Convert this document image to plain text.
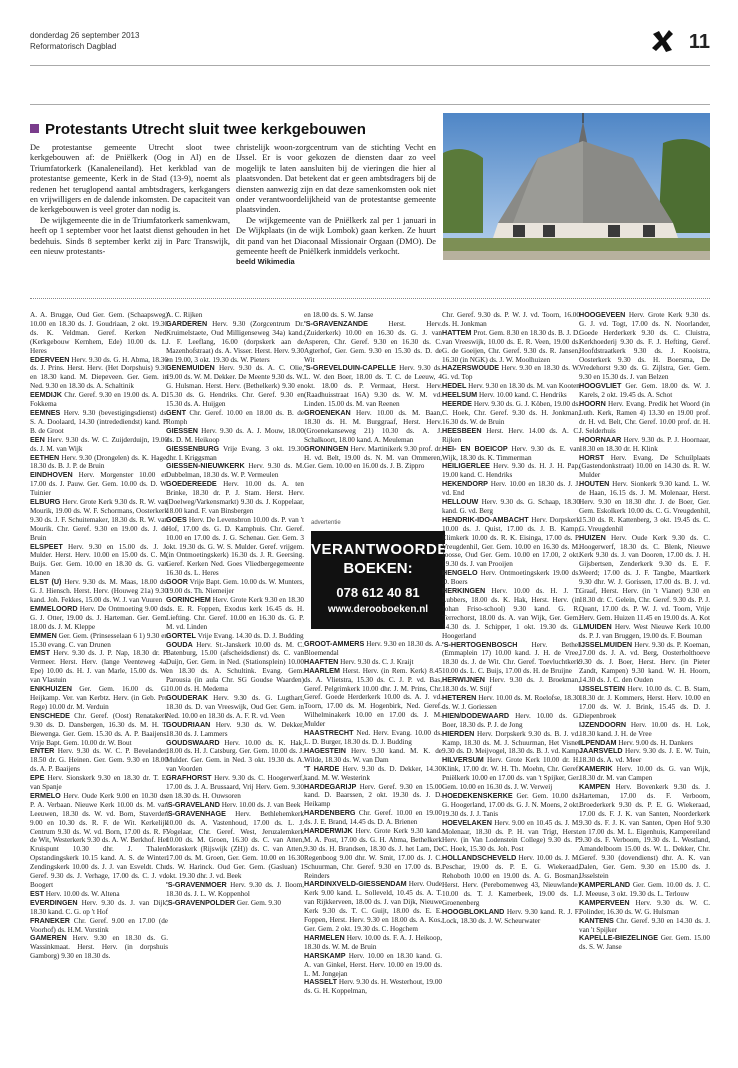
donderdag 26 september 2013
Reformatorisch Dagblad	11
Protestants Utrecht sluit twee kerkgebouwen

De protestantse gemeente Utrecht sloot twee kerkgebouwen af: de Pniëlkerk (Oog in Al) en de Triumfatorkerk (Kanaleneiland). Het kerkblad van de protestantse gemeente, Kerk in de Stad (13-9), noemt als redenen het teruglopend aantal ambtsdragers, kerkgangers en vrijwilligers en de dalende inkomsten. De capaciteit van de kerkgebouwen is veel groter dan nodig is.

De wijkgemeente die in de Triumfatorkerk samenkwam, heeft op 1 september voor het laatst dienst gehouden in het bedehuis. Sinds 8 september kerkt zij in Parc Transwijk, een nieuw protestants-

christelijk woon-zorgcentrum van de stichting Vecht en IJssel. Er is voor gekozen de diensten daar zo veel mogelijk te laten aansluiten bij de vieringen die hier al plaatsvonden. Dat betekent dat er geen ambtsdragers bij de diensten aanwezig zijn en dat deze samenkomsten ook niet onder verantwoordelijkheid van de protestantse gemeente plaatsvinden.

De wijkgemeente van de Pniëlkerk zal per 1 januari in De Wijkplaats (in de wijk Lombok) gaan kerken. Ze huurt dit pand van het Diaconaal Missionair Orgaan (DMO). De gemeente heeft de Pniëlkerk inmiddels verkocht.

beeld Wikimedia
advertentie
VERANTWOORDE
BOEKEN:
078 612 40 81
www.derooboeken.nl

A. A. Brugge, Oud Ger. Gem. (Schaapsweg) 10.00 en 18.30 ds. J. Goudriaan, 2 okt. 19.30 ds. K. Veldman. Geref. Kerken Ned. (Kerkgebouw Kernhem, Ede) 10.00 ds. L. Heres

EDERVEEN Herv. 9.30 ds. G. H. Abma, 18.30 ds. J. Prins. Herst. Herv. (Het Dorpshuis) 9.30 en 18.30 kand. M. Diepeveen. Ger. Gem. in Ned. 9.30 en 18.30 ds. A. Schaltinik

EEMDIJK Chr. Geref. 9.30 en 19.00 ds. A. D. Fokkema

EEMNES Herv. 9.30 (bevestigingsdienst) ds. S. A. Doolaard, 14.30 (intredediendst) kand. P. B. de Groot

EEN Herv. 9.30 ds. W. C. Zuijderduijn, 19.00 ds. J. M. van Wijk

EETHEN Herv. 9.30 (Drongelen) ds. K. Hage, 18.30 ds. B. J. P. de Bruin

EINDHOVEN Herv. Morgenster 10.00 en 17.00 ds. J. Pauw. Ger. Gem. 10.00 ds. D. W. Tuinier

ELBURG Herv. Grote Kerk 9.30 ds. R. W. van Mourik, 19.00 ds. W. F. Schormans, Oosterkerk 9.30 ds. J. F. Schuitemaker, 18.30 ds. R. W. van Mourik. Chr. Geref. 9.30 en 19.00 ds. J. de Bruin

ELSPEET Herv. 9.30 en 15.00 ds. J. J. Mulder. Herst. Herv. 10.00 en 15.00 ds. C. M. Buijs. Ger. Gem. 10.00 en 18.30 ds. G. van Manen

ELST (U) Herv. 9.30 ds. M. Maas, 18.00 ds. G. J. Hiensch. Herst. Herv. (Houweg 21a) 9.30 kand. Joh. Fekkes, 15.00 ds. W. J. van Vuuren

EMMELOORD Herv. De Ontmoeting 9.00 ds. G. J. Otter, 19.00 ds. J. Harteman. Ger. Gem. 18.00 ds. J. M. Kleppe

EMMEN Ger. Gem. (Prinsesselaan 6 1) 9.30 en 15.30 evang. C. van Drunen

EMST Herv. 9.30 ds. J. P. Nap, 18.30 dr. P. Vermeer. Herst. Herv. (lange Veenteweg 4a, Epe) 10.00 ds. H. J. van Marle, 15.00 ds. W. van Vlastuin

ENKHUIZEN Ger. Gem. 16.00 ds. G. Heijkamp. Ver. van Kerbtz. Herv. (in Geb. Pro Rege) 10.00 dr. M. Verduin

ENSCHEDE Chr. Geref. (Oost) Renatakerk 9.30 ds. D. Dansbergen, 16.30 ds. M. H. T. Biewenga. Ger. Gem. 15.30 ds. A. P. Baaijens. Vrije Bapt. Gem. 10.00 dr. W. Bout

ENTER Herv. 9.30 ds. W. C. P. Bevelander, 18.50 dr. G. Heinen. Ger. Gem. 9.30 en 18.00 ds. A. P. Baaijens

EPE Herv. Sionskerk 9.30 en 18.30 dr. T. E. van Spanje

ERMELO Herv. Oude Kerk 9.00 en 10.30 ds. P. A. Verbaan. Nieuwe Kerk 10.00 ds. M. van Leeuwen, 18.30 ds. W. vd. Born, Staverden 9.00 en 10.30 ds. R. F. de Wit. Kerkelijk Centrum 9.30 ds. W. vd. Born, 17.00 ds. R. F. de Wit, Westerkerk 9.30 ds. A. W. Berkhof. Het Kruispunt 10.30 dhr. J. Thalen. Opstandingskerk 10.15 kand. A. S. de Winter. Zendingskerk 10.00 ds. J. J. van Esveldt. Chr. Geref. 9.30 ds. J. Verhage, 17.00 ds. C. J. vd. Boogert

EST Herv. 10.00 ds. W. Altena

EVERDINGEN Herv. 9.30 ds. J. van Dijk, 18.30 kand. C. G. op 't Hof

FRANEKER Chr. Geref. 9.00 en 17.00 (de Voorhof) ds. H.M. Vorstink

GAMEREN Herv. 9.30 en 18.30 ds. G. Wassinkmaat. Herst. Herv. (in dorpshuis Gamborg) 9.30 en 18.30 ds.

A. C. Rijken

GARDEREN Herv. 9.30 (Zorgcentrum Dr. Kruimelstaete, Oud Milligenseweg 34a) kand. J. F. Leeflang, 16.00 (dorpskerk aan de Mazenhofstraat) ds. A. Visser. Herst. Herv. 9.30 en 19.00, 3 okt. 19.30 ds. W. Pieters

GENEMUIDEN Herv. 9.30 ds. A. C. Olie, 19.00 ds. W. M. Dekker. De Meente 9.30 ds. W. G. Hulsman. Herst. Herv. (Bethelkerk) 9.30 en 15.30 ds. G. Hendriks. Chr. Geref. 9.30 en 15.30 ds. A. Huijgen

GENT Chr. Geref. 10.00 en 18.00 ds. B. de Romph

GIESSEN Herv. 9.30 ds. A. J. Mouw, 18.00 ds. D. M. Heikoop

GIESSENBURG Vrije Evang. 3 okt. 19.30 dhr. I. Kriggsman

GIESSEN-NIEUWKERK Herv. 9.30 ds. M. Dubbelman, 18.30 ds. W. P. Vermeulen

GOEDEREEDE Herv. 10.00 ds. A. ten Brinke, 18.30 dr. P. J. Stam. Herst. Herv. (Doelweg/Varkensmarkt) 9.30 ds. J. Koppelaar, 18.00 kand. F. van Binsbergen

GOES Herv. De Levensbron 10.00 ds. P. van 't Hof, 17.00 ds. G. D. Kamphuis. Chr. Geref. 10.00 en 17.00 ds. J. G. Schenau. Ger. Gem. 3 okt. 19.30 ds. G. W. S. Mulder. Geref. vrijgem. (in Ontmoetingskerk) 16.30 ds. J. R. Geersing. Geref. Kerken Ned. Goes Vliedbergegemeente 16.30 ds. L. Heres

GOOR Vrije Bapt. Gem. 10.00 ds. W. Munters, 19.00 ds. Th. Niemeijer

GORINCHEM Herv. Grote Kerk 9.30 en 18.30 ds. E. R. Foppen, Exodus kerk 16.45 ds. H. Liefting. Chr. Geref. 10.00 en 16.30 ds. G. P. M. vd. Linden

GORTEL Vrije Evang. 14.30 ds. D. J. Budding

GOUDA Herv. St.-Janskerk 10.00 ds. M. C. Batenburg, 15.00 (afscheidsdienst) ds. C. van Duijn, Ger. Gem. in Ned. (Stationsplein) 10.00 en 18.30 ds. A. Schultink. Evang. Gem. Parousia (in aula Chr. SG Goudse Waarden) 10.00 ds. H. Medema

GOUDERAK Herv. 9.30 ds. G. Lugthart, 18.30 ds. D. van Vreeswijk, Oud Ger. Gem. in Ned. 10.00 en 18.30 ds. A. F. R. vd. Veen

GOUDRIAAN Herv. 9.30 ds. W. Dekker, 18.30 ds. J. Lammers

GOUDSWAARD Herv. 10.00 ds. K. Hak, 18.00 ds. H. J. Catsburg. Ger. Gem. 10.00 ds. J. Mulder. Ger. Gem. in Ned. 3 okt. 19.30 ds. A. van Voorden

GRAFHORST Herv. 9.30 ds. C. Hoogerwerf, 17.00 ds. J. A. Brussaard, Vrij Herv. Gem. 9.30 en 18.30 ds. H. Ouwsoren

'S-GRAVELAND Herv. 10.00 ds. J. van Beek

'S-GRAVENHAGE Herv. Bethlehemkerk 10.00 ds. A. Vastenhoud, 17.00 ds. L. J. Vogelaar, Chr. Geref. West, Jeruzalemkerk 10.00 ds. M. Groen, 16.30 ds. C. van Atten, Moraskerk (Rijswijk (ZH)) ds. C. van Atten, 17.00 ds. M. Groen, Ger. Gem. 10.00 en 16.30 ds. W. Harinck. Oud Ger. Gem. (Gasluan) 1 okt. 19.30 dhr. J. vd. Beek

'S-GRAVENMOER Herv. 9.30 ds. J. Iloom, 18.30 ds. J. L. W. Koppenhol

'S-GRAVENPOLDER Ger. Gem. 9.30

en 18.00 ds. S. W. Janse

'S-GRAVENZANDE	Herst. Herv. (Zuiderkerk) 10.00 en 16.30 ds. G. J. van Asperen, Chr. Geref. 9.30 en 16.30 ds. C. Agterhof, Ger. Gem. 9.30 en 15.30 ds. D. de Wit

'S-GREVELDUIN-CAPELLE Herv. 9.30 ds. L. W. den Boer, 18.00 ds. T. C. de Leeuw, 4 okt. 18.00 ds. P. Vermaat, Herst. Herv. (Raadhuisstraat 16A) 9.30 ds. W. M. vd. Linden. 15.00 ds. M. van Reenen

GROENEKAN Herv. 10.00 ds. M. Baan, 18.30 ds. H. M. Burggraaf, Herst. Herv. (Groenekanseweg 21) 10.30 ds. A. J. Schalkoort, 18.00 kand. A. Meuleman

GRONINGEN Herv. Martinikerk 9.30 prof. dr. H. vd. Belt, 19.00 ds. N. M. van Ommeren, Ger. Gem. 10.00 en 16.00 ds. J. B. Zippro

GROOT-AMMERS Herv. 9.30 en 18.30 ds. A. Bloemendal

HAAFTEN Herv. 9.30 ds. C. J. Kraijt

HAARLEM Herst. Herv. (in Rem. Kerk) 8.45 ds. A. Vlietstra, 15.30 ds. C. J. P. vd. Bas, Geref. Pelgrimkerk 10.00 dhr. J. M. Prins, Chr. Geref. Goede Herderkerk 10.00 ds. A. J. vd. Toorn, 17.00 ds. M. Hogenbirk, Ned. Geref. Wilhelminakerk 10.00 en 17.00 ds. J. M. Mulder

HAASTRECHT Ned. Herv. Evang. 10.00 ds. L. D. Burger, 18.30 ds. D. J. Budding

HAGESTEIN Herv. 9.30 kand. M. K. de Wilde, 18.30 ds. W. van Dam

'T HARDE Herv. 9.30 ds. D. Dekker, 14.30 kand. M. W. Westerink

HARDEGARIJP Herv. Geref. 9.30 en 15.00 kand. D. Baarssen, 2 okt. 19.30 ds. J. D. Heikamp

HARDENBERG Chr. Geref. 10.00 en 19.00 ds. J. E. Brand, 14.45 ds. D. A. Brienen

HARDERWIJK Herv. Grote Kerk 9.30 kand. M. A. Post, 17.00 ds. G. H. Abma, Bethelkerk 9.30 ds. H. Brandsen, 18.30 ds. J. het Lam, De Regenboog 9.00 dhr. W. Smit, 17.00 ds. J. C. Schuurman, Chr. Geref. 9.30 en 17.00 ds. B. Reinders

HARDINXVELD-GIESSENDAM Herv. Oude Kerk 9.00 kand. L. Solleveld, 10.45 ds. A. T. van Rijkkerveen, 18.00 ds. J. van Dijk, Nieuwe Kerk 9.30 ds. T. C. Guijt, 18.00 ds. E. E. Foppen, Herst. Herv. 9.30 en 18.00 ds. A. Kos, Ger. Gem. 2 okt. 19.30 ds. C. Hogchem

HARMELEN Herv. 10.00 ds. F. A. J. Heikoop, 18.30 ds. W. M. de Bruin

HARSKAMP Herv. 10.00 en 18.30 kand. G. A. van Ginkel, Herst. Herv. 10.00 en 19.00 ds. L. M. Jongejan

HASSELT Herv. 9.30 ds. H. Westerhout, 19.00 ds. G. H. Koppelman,

Chr. Geref. 9.30 ds. P. W. J. vd. Toorn, 16.00 ds. H. Jonkman

HATTEM Prot. Gem. 8.30 en 18.30 ds. B. J. D. van Vreeswijk, 10.00 ds. E. R. Veen, 19.00 ds. G. de Goeijen, Chr. Geref. 9.30 ds. R. Jansen, 16.30 (in NGK) ds. J. W. Moolhuizen

HAZERSWOUDE Herv. 9.30 en 18.30 ds. W. G. vd. Top

HEDEL Herv. 9.30 en 18.30 ds. M. van Kooten

HEELSUM Herv. 10.00 kand. C. Hendriks

HEERDE Herv. 9.30 ds. G. J. Köben, 19.00 ds. C. Hoek, Chr. Geref. 9.30 ds. H. Jonkman, 16.30 ds. W. de Bruin

HEESBEEN Herst. Herv. 14.00 ds. A. C. Rijken

HEI- EN BOEICOP Herv. 9.30 ds. E. van Wijk, 18.30 ds. K. Timmerman

HEILIGERLEE Herv. 9.30 ds. H. J. H. Pap, 19.00 kand. C. Hendriks

HEKENDORP Herv. 10.00 en 18.30 ds. J. J. vd. End

HELLOUW Herv. 9.30 ds. G. Schaap, 18.30 kand. G. vd. Berg

HENDRIK-IDO-AMBACHT Herv. Dorpskerk 10.00 ds. J. Quist, 17.00 ds. J. B. Kamp, Elimkerk 10.00 ds. R. K. Eisinga, 17.00 ds. P. Vreugdenhil, Ger. Gem. 10.00 en 16.30 ds. M. Joosse, Oud Ger. Gem. 10.00 en 17.00, 2 okt. 19.30 ds. J. van Prooijen

HENGELO Herv. Ontmoetingskerk 19.00 ds. D. Boers

HERKINGEN Herv. 10.00 ds. H. J. T. Lubbers, 18.00 ds. K. Hak, Herst. Herv. (in Johan Friso-school) 9.30 kand. G. R. Terrechorst, 18.00 ds. A. van Wijk, Ger. Gem. 14.30 ds. J. Schipper, 1 okt. 19.30 ds. G. Hoogerland

'S-HERTOGENBOSCH Herv. Bethel (Emmaplein 17) 10.00 kand. J. H. de Vree, 18.30 ds. J. de Wit. Chr. Geref. Toevluchtkerk 10.00 ds. L. C. Buijs, 17.00 ds. H. de Bruijne

HERWIJNEN Herv. 9.30 ds. J. Broekman, 18.30 ds. W. Stijf

HETEREN Herv. 10.00 ds. M. Roelofse, 18.30 ds. W. J. Goriessen

HIEN/DODEWAARD Herv. 10.00 ds. G. Boer, 18.30 ds. P. J. de Jong

HIERDEN Herv. Dorpskerk 9.30 ds. B. J. vd. Kamp, 18.30 ds. M. J. Schuurman, Het Visnet 9.30 ds. D. Meijvogel, 18.30 ds. B. J. vd. Kamp

HILVERSUM Herv. Grote Kerk 10.00 dr. H. Klink, 17.00 dr. W. H. Th. Moehn, Chr. Geref. Pniëlkerk 10.00 en 17.00 ds. van 't Spijker, Ger. Gem. 10.00 en 16.30 ds. J. W. Verweij

HOEDEKENSKERKE Ger. Gem. 10.00 ds. G. Hoogerland, 17.00 ds. G. J. N. Moens, 2 okt. 19.30 ds. J. J. Tanis

HOEVELAKEN Herv. 9.00 en 10.45 ds. J. M. Molenaar, 18.30 ds. P. H. van Trigt, Herst. Herv. (in Van Lodenstein College) 9.30 ds. P. C. Hoek, 15.30 ds. Joh. Post

HOLLANDSCHEVELD Herv. 10.00 ds. J. M. Peschar, 19.00 ds. P. E. G. Wiekeraad, Rehoboth 10.00 en 19.00 ds. A. G. Bosman, Herst. Herv. (Perebomenweg 43, Nieuwlande) 10.00 ds. T. J. Kamerbeek, 19.00 ds. L. Groenenberg

HOOGBLOKLAND Herv. 9.30 kand. R. J. F. Lock, 18.30 ds. J. W. Scheurwater

HOOGEVEEN Herv. Grote Kerk 9.30 ds. G. J. vd. Togt, 17.00 ds. N. Noorlander, Goede Herderkerk 9.30 ds. C. Cluistra, Kerkhoederij 9.30 ds. F. J. Hefting, Geref. Hoofdstraatkerk 9.30 ds. J. Kooistra, Oosterkerk 9.30 ds. H. Boersma, De Vredehorst 9.30 ds. G. Zijlstra, Ger. Gem. 9.30 en 15.30 ds. J. van Belzen

HOOGVLIET Ger. Gem. 18.00 ds. W. J. Karels, 2 okt. 19.45 ds. A. Schot

HOORN Herv. Evang. Predik het Woord (in Luth. Kerk, Ramen 4) 13.30 en 19.00 prof. dr. H. vd. Belt, Chr. Geref. 10.00 prof. dr. H. J. Selderhuis

HOORNAAR Herv. 9.30 ds. P. J. Hoornaar, 18.30 en 18.30 dr. H. Klink

HORST Herv. Evang. De Schuilplaats (Gastendonkstraat) 10.00 en 14.30 ds. R. W. Mulder

HOUTEN Herv. Sionkerk 9.30 kand. L. W. de Haan, 16.15 ds. J. M. Molenaar, Herst. Herv. 9.30 en 18.30 dhr. J. de Boer, Ger. Gem. Eskolkerk 10.00 ds. C. G. Vreugdenhil, 15.30 ds. R. Kattenberg, 3 okt. 19.45 ds. C. G. Vreugdenhil

HUIZEN Herv. Oude Kerk 9.30 ds. C. Hoogerwerf, 18.30 ds. C. Blenk, Nieuwe Kerk 9.30 ds. J. van Dooren, 17.00 ds. J. H. Gijsbertsen, Zenderkerk 9.30 ds. E. F. Weerd; 17.00 ds. J. F. Tangbe, Maartkerk 9.30 dhr. W. J. Gorissen, 17.00 ds. B. J. vd. Graaf, Herst. Herv. (in 't Vianet) 9.30 en 18.30 dr. C. Gelein, Chr. Geref. 9.30 ds. P. J. Quant, 17.00 ds. P. W. J. vd. Toorn, Vrije Herv. Gem. Huizen 11.45 en 19.00 ds. A. Kot

LMUIDEN Herv. West Nieuwe Kerk 10.00 ds. P. J. van Bruggen, 19.00 ds. F. Bouman

IJSSELMUIDEN Herv. 9.30 ds. P. Koeman, 17.00 ds. J. A. vd. Berg, Oosterholthoeve 9.30 ds. J. Boer, Herst. Herv. (in Pieter Zandt, Kampen) 9.30 kand. W. H. Hoorn, 14.30 ds. J. C. den Ouden

IJSSELSTEIN Herv. 10.00 ds. C. B. Stam, 18.30 dr. J. Kommers, Herst. Herv. 10.00 en 17.00 ds. W. J. Brink, 15.45 ds. D. J. Diepenbroek

IJZENDOORN Herv. 10.00 ds. H. Lok, 18.30 kand. J. H. de Vree

ILPENDAM Herv. 9.00 ds. H. Dankers

JAARSVELD Herv. 9.30 ds. J. E. W. Tuin, 18.30 ds. A. vd. Meer

KAMERIK Herv. 10.00 ds. G. van Wijk, 18.30 dr. M. van Campen

KAMPEN Herv. Bovenkerk 9.30 ds. J. Harteman, 17.00 ds. F. Verboom, Broederkerk 9.30 ds. P. E. G. Wiekeraad, 17.00 ds. F. J. K. van Santen, Noorderkerk 9.30 ds. F. J. K. van Santen, Open Hof 9.30 en 17.00 ds. M. L. Eigenhuis, Kampereiland 9.30 ds. F. Verboom, 19.30 ds. L. Westland, Amandelboom 15.00 ds. W. L. Dekker, Chr. Geref. 9.30 (dovendienst) dhr. A. K. van Dalen, Ger. Gem. 9.30 en 15.00 ds. J. IJsselstein

KAMPERLAND Ger. Gem. 10.00 ds. J. C. J. Meeuse, 3 okt. 19.30 ds. L. Terlouw

KAMPERVEEN Herv. 9.30 ds. W. C. Polinder, 16.30 ds. W. G. Hulsman

KANTENS Chr. Geref. 9.30 en 14.30 ds. J. van 't Spijker

KAPELLE-BIEZELINGE Ger. Gem. 15.00 ds. S. W. Janse
